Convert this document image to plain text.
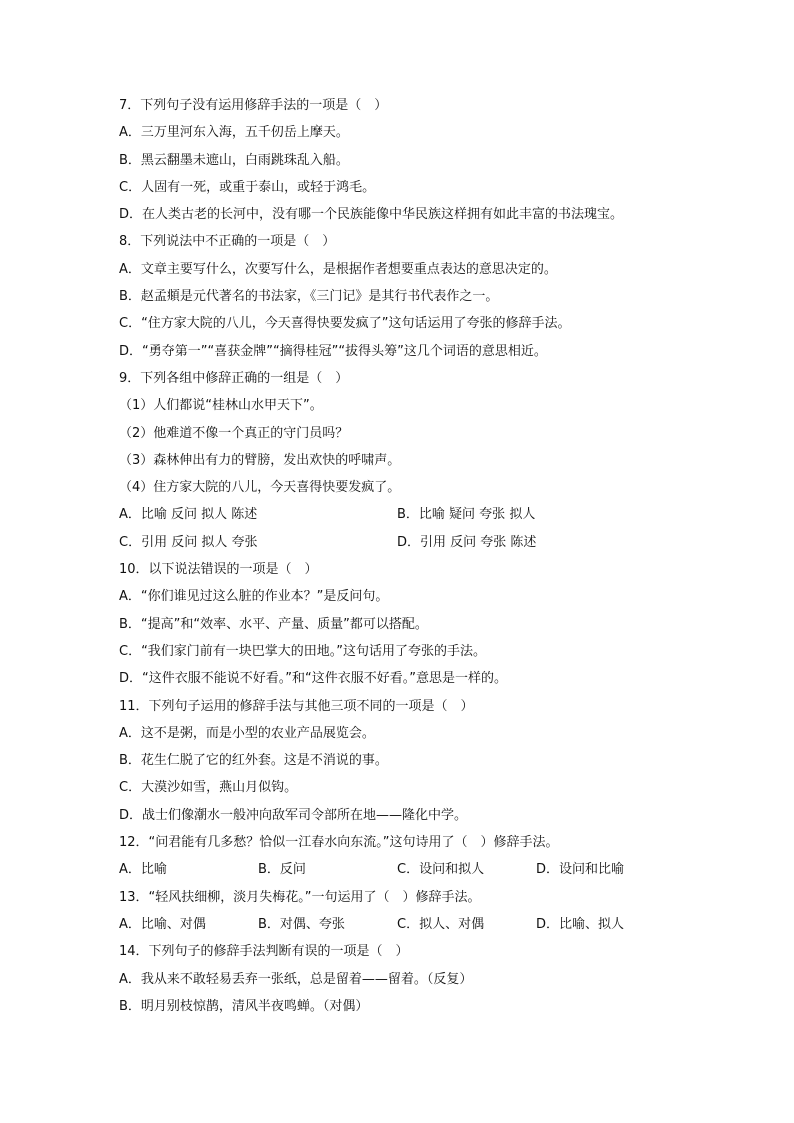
7．下列句子没有运用修辞手法的一项是（　）
A．三万里河东入海，五千仞岳上摩天。
B．黑云翻墨未遮山，白雨跳珠乱入船。
C．人固有一死，或重于泰山，或轻于鸿毛。
D．在人类古老的长河中，没有哪一个民族能像中华民族这样拥有如此丰富的书法瑰宝。
8．下列说法中不正确的一项是（　）
A．文章主要写什么，次要写什么，是根据作者想要重点表达的意思决定的。
B．赵孟頫是元代著名的书法家，《三门记》是其行书代表作之一。
C．“住方家大院的八儿，今天喜得快要发疯了”这句话运用了夸张的修辞手法。
D．“勇夺第一”“喜获金牌”“摘得桂冠”“拔得头筹”这几个词语的意思相近。
9．下列各组中修辞正确的一组是（　）
（1）人们都说“桂林山水甲天下”。
（2）他难道不像一个真正的守门员吗？
（3）森林伸出有力的臂膀，发出欢快的呼啸声。
（4）住方家大院的八儿，今天喜得快要发疯了。
A．比喻 反问 拟人 陈述	B．比喻 疑问 夸张 拟人
C．引用 反问 拟人 夸张	D．引用 反问 夸张 陈述
10．以下说法错误的一项是（　）
A．“你们谁见过这么脏的作业本？”是反问句。
B．“提高”和“效率、水平、产量、质量”都可以搭配。
C．“我们家门前有一块巴掌大的田地。”这句话用了夸张的手法。
D．“这件衣服不能说不好看。”和“这件衣服不好看。”意思是一样的。
11．下列句子运用的修辞手法与其他三项不同的一项是（　）
A．这不是粥，而是小型的农业产品展览会。
B．花生仁脱了它的红外套。这是不消说的事。
C．大漠沙如雪，燕山月似钩。
D．战士们像潮水一般冲向敌军司令部所在地——隆化中学。
12．“问君能有几多愁？恰似一江春水向东流。”这句诗用了（　）修辞手法。
A．比喻	B．反问	C．设问和拟人	D．设问和比喻
13．“轻风扶细柳，淡月失梅花。”一句运用了（　）修辞手法。
A．比喻、对偶	B．对偶、夸张	C．拟人、对偶	D．比喻、拟人
14．下列句子的修辞手法判断有误的一项是（　）
A．我从来不敢轻易丢弃一张纸，总是留着——留着。（反复）
B．明月别枝惊鹊，清风半夜鸣蝉。（对偶）
